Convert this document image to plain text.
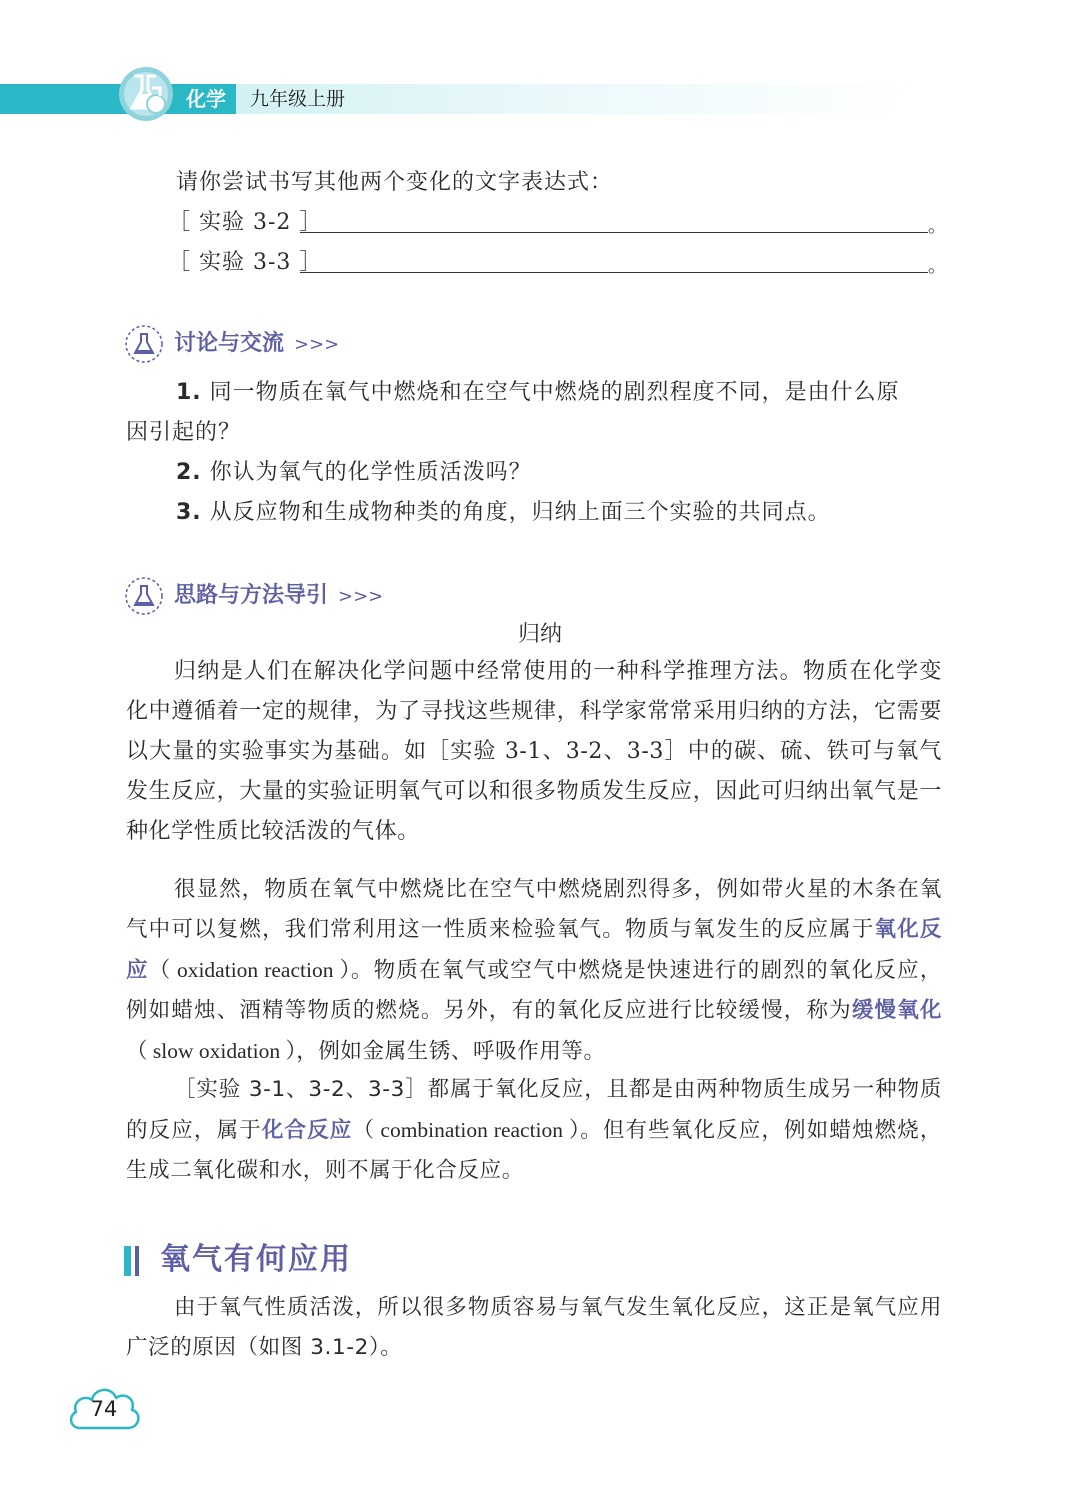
化学 九年级上册
请你尝试书写其他两个变化的文字表达式：
［ 实验 3-2 ］	。
［ 实验 3-3 ］	。
讨论与交流 >>>
1. 同一物质在氧气中燃烧和在空气中燃烧的剧烈程度不同，是由什么原
因引起的？
2. 你认为氧气的化学性质活泼吗？
3. 从反应物和生成物种类的角度，归纳上面三个实验的共同点。
思路与方法导引 >>>
归纳

归纳是人们在解决化学问题中经常使用的一种科学推理方法。物质在化学变化中遵循着一定的规律，为了寻找这些规律，科学家常常采用归纳的方法，它需要以大量的实验事实为基础。如［实验 3-1、3-2、3-3］中的碳、硫、铁可与氧气发生反应，大量的实验证明氧气可以和很多物质发生反应，因此可归纳出氧气是一种化学性质比较活泼的气体。

很显然，物质在氧气中燃烧比在空气中燃烧剧烈得多，例如带火星的木条在氧气中可以复燃，我们常利用这一性质来检验氧气。物质与氧发生的反应属于氧化反应（ oxidation reaction ）。物质在氧气或空气中燃烧是快速进行的剧烈的氧化反应，例如蜡烛、酒精等物质的燃烧。另外，有的氧化反应进行比较缓慢，称为缓慢氧化（ slow oxidation ），例如金属生锈、呼吸作用等。

［实验 3-1、3-2、3-3］都属于氧化反应，且都是由两种物质生成另一种物质的反应，属于化合反应（ combination reaction ）。但有些氧化反应，例如蜡烛燃烧，生成二氧化碳和水，则不属于化合反应。

氧气有何应用

由于氧气性质活泼，所以很多物质容易与氧气发生氧化反应，这正是氧气应用广泛的原因（如图 3.1-2）。

74
